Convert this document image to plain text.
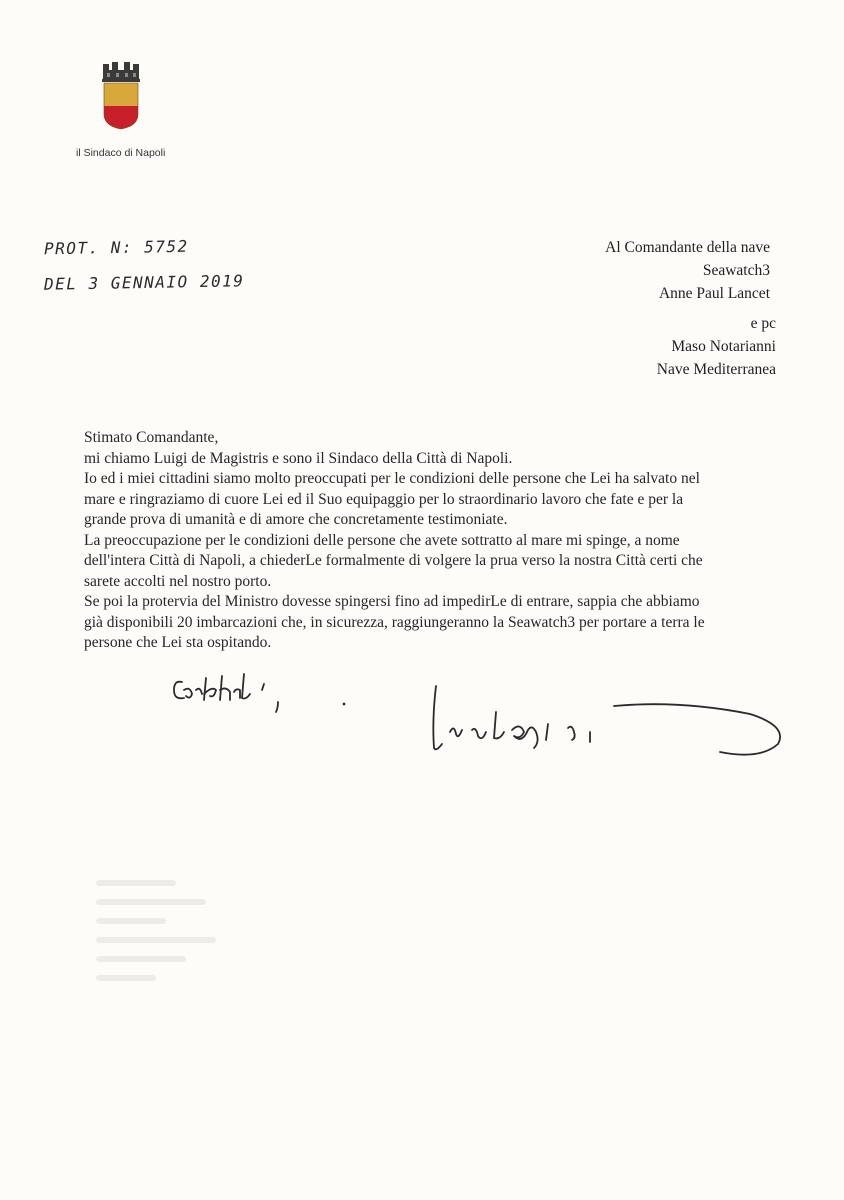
il Sindaco di Napoli
PROT. N: 5752
DEL 3 GENNAIO 2019
Al Comandante della nave
Seawatch3
Anne Paul Lancet
e pc
Maso Notarianni
Nave Mediterranea
Stimato Comandante,
mi chiamo Luigi de Magistris e sono il Sindaco della Città di Napoli.
Io ed i miei cittadini siamo molto preoccupati per le condizioni delle persone che Lei ha salvato nel
mare e ringraziamo di cuore Lei ed il Suo equipaggio per lo straordinario lavoro che fate e per la
grande prova di umanità e di amore che concretamente testimoniate.
La preoccupazione per le condizioni delle persone che avete sottratto al mare mi spinge, a nome
dell'intera Città di Napoli, a chiederLe formalmente di volgere la prua verso la nostra Città certi che
sarete accolti nel nostro porto.
Se poi la protervia del Ministro dovesse spingersi fino ad impedirLe di entrare, sappia che abbiamo
già disponibili 20 imbarcazioni che, in sicurezza, raggiungeranno la Seawatch3 per portare a terra le
persone che Lei sta ospitando.
